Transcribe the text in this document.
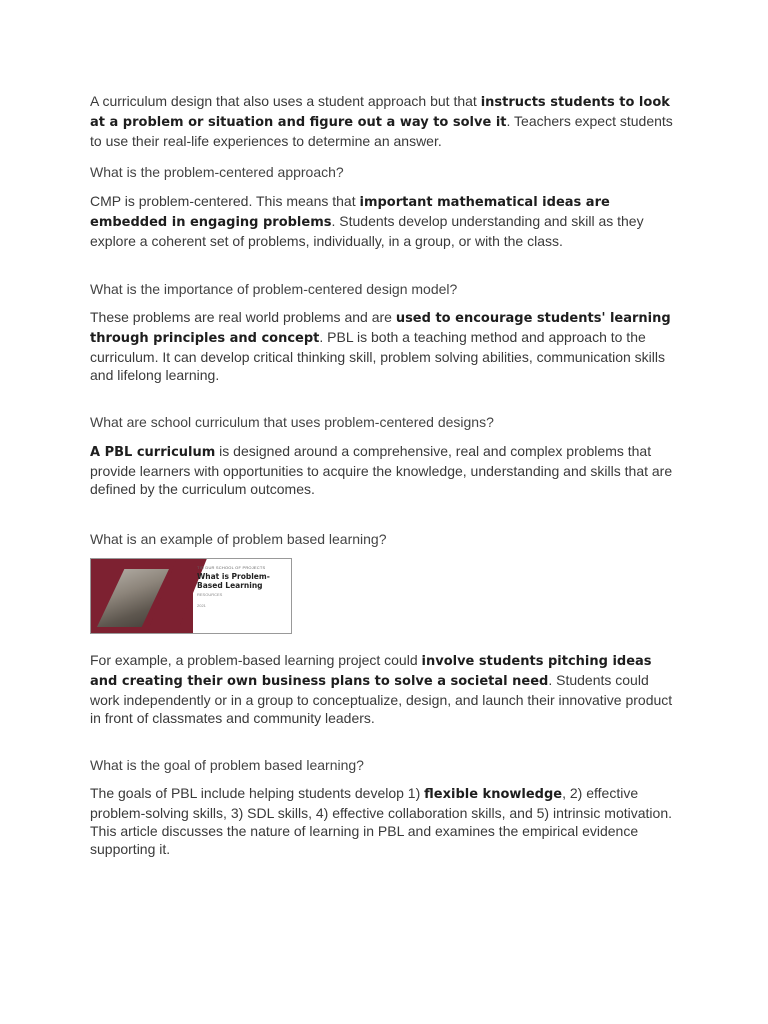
A curriculum design that also uses a student approach but that instructs students to look at a problem or situation and figure out a way to solve it. Teachers expect students to use their real-life experiences to determine an answer.

What is the problem-centered approach?

CMP is problem-centered. This means that important mathematical ideas are embedded in engaging problems. Students develop understanding and skill as they explore a coherent set of problems, individually, in a group, or with the class.

What is the importance of problem-centered design model?

These problems are real world problems and are used to encourage students' learning through principles and concept. PBL is both a teaching method and approach to the curriculum. It can develop critical thinking skill, problem solving abilities, communication skills and lifelong learning.

What are school curriculum that uses problem-centered designs?

A PBL curriculum is designed around a comprehensive, real and complex problems that provide learners with opportunities to acquire the knowledge, understanding and skills that are defined by the curriculum outcomes.

What is an example of problem based learning?

TID DUR SCHOOL OF PROJECTS
What is Problem-Based Learning
RESOURCES
2021

For example, a problem-based learning project could involve students pitching ideas and creating their own business plans to solve a societal need. Students could work independently or in a group to conceptualize, design, and launch their innovative product in front of classmates and community leaders.

What is the goal of problem based learning?

The goals of PBL include helping students develop 1) flexible knowledge, 2) effective problem-solving skills, 3) SDL skills, 4) effective collaboration skills, and 5) intrinsic motivation. This article discusses the nature of learning in PBL and examines the empirical evidence supporting it.
